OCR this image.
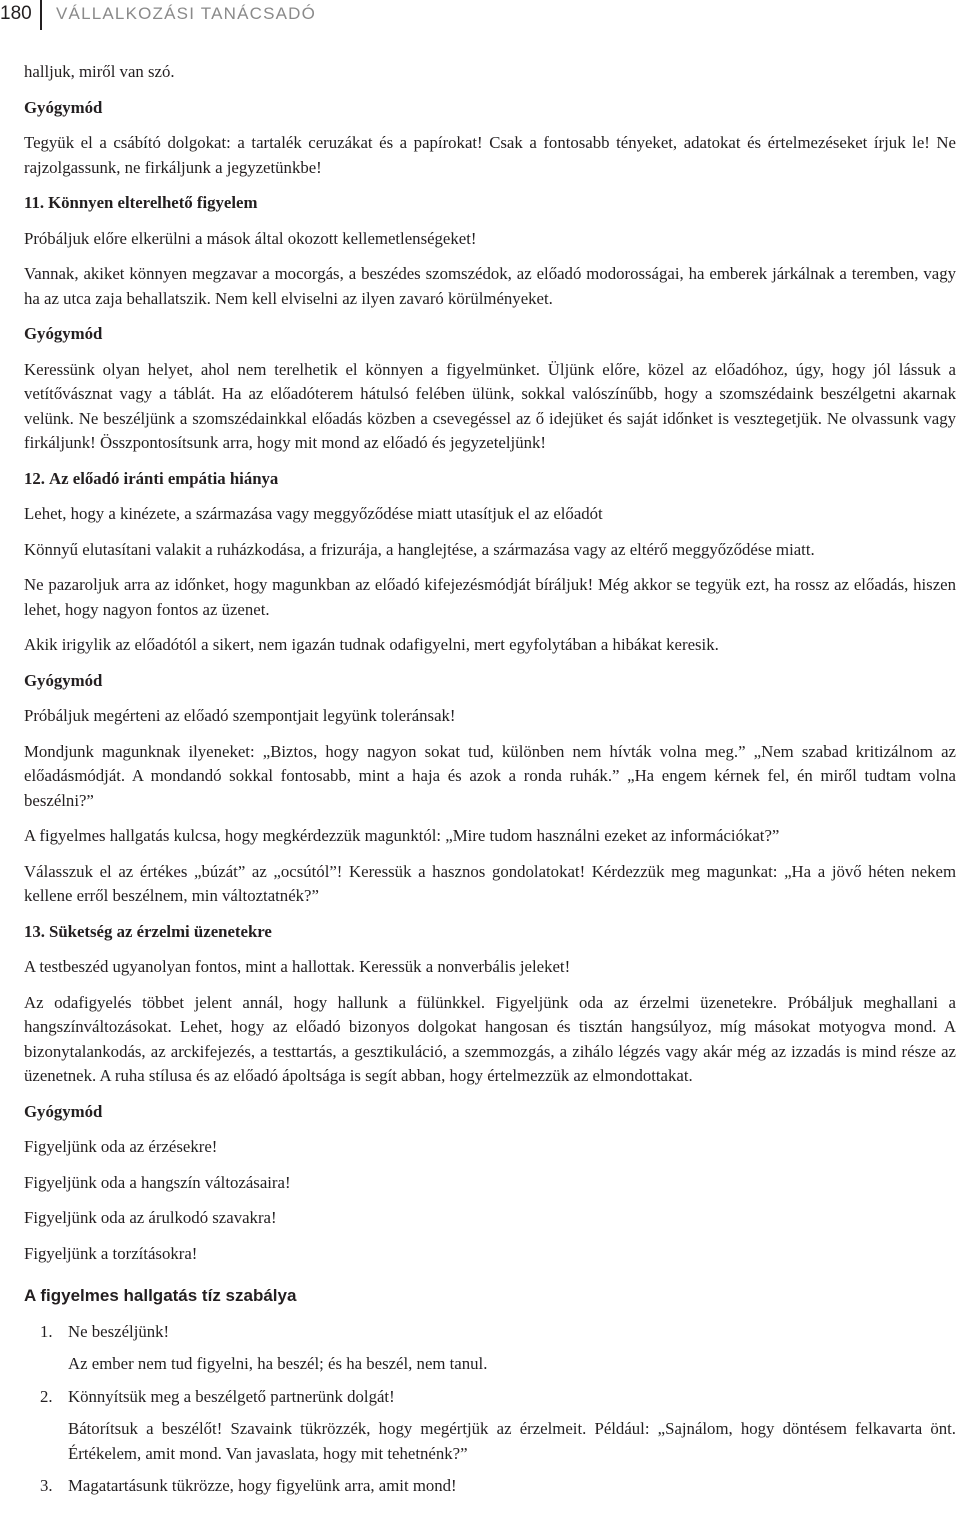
180 VÁLLALKOZÁSI TANÁCSADÓ

halljuk, miről van szó.

Gyógymód

Tegyük el a csábító dolgokat: a tartalék ceruzákat és a papírokat! Csak a fontosabb tényeket, adatokat és értelmezéseket írjuk le! Ne rajzolgassunk, ne firkáljunk a jegyzetünkbe!

11. Könnyen elterelhető figyelem

Próbáljuk előre elkerülni a mások által okozott kellemetlenségeket!

Vannak, akiket könnyen megzavar a mocorgás, a beszédes szomszédok, az előadó modorosságai, ha emberek járkálnak a teremben, vagy ha az utca zaja behallatszik. Nem kell elviselni az ilyen zavaró körülményeket.

Gyógymód

Keressünk olyan helyet, ahol nem terelhetik el könnyen a figyelmünket. Üljünk előre, közel az előadóhoz, úgy, hogy jól lássuk a vetítővásznat vagy a táblát. Ha az előadóterem hátulsó felében ülünk, sokkal valószínűbb, hogy a szomszédaink beszélgetni akarnak velünk. Ne beszéljünk a szomszédainkkal előadás közben a csevegéssel az ő idejüket és saját időnket is vesztegetjük. Ne olvassunk vagy firkáljunk! Összpontosítsunk arra, hogy mit mond az előadó és jegyzeteljünk!

12. Az előadó iránti empátia hiánya

Lehet, hogy a kinézete, a származása vagy meggyőződése miatt utasítjuk el az előadót

Könnyű elutasítani valakit a ruházkodása, a frizurája, a hanglejtése, a származása vagy az eltérő meggyőződése miatt.

Ne pazaroljuk arra az időnket, hogy magunkban az előadó kifejezésmódját bíráljuk! Még akkor se tegyük ezt, ha rossz az előadás, hiszen lehet, hogy nagyon fontos az üzenet.

Akik irigylik az előadótól a sikert, nem igazán tudnak odafigyelni, mert egyfolytában a hibákat keresik.

Gyógymód

Próbáljuk megérteni az előadó szempontjait legyünk toleránsak!

Mondjunk magunknak ilyeneket: „Biztos, hogy nagyon sokat tud, különben nem hívták volna meg.” „Nem szabad kritizálnom az előadásmódját. A mondandó sokkal fontosabb, mint a haja és azok a ronda ruhák.” „Ha engem kérnek fel, én miről tudtam volna beszélni?”

A figyelmes hallgatás kulcsa, hogy megkérdezzük magunktól: „Mire tudom használni ezeket az információkat?”

Válasszuk el az értékes „búzát” az „ocsútól”! Keressük a hasznos gondolatokat! Kérdezzük meg magunkat: „Ha a jövő héten nekem kellene erről beszélnem, min változtatnék?”

13. Süketség az érzelmi üzenetekre

A testbeszéd ugyanolyan fontos, mint a hallottak. Keressük a nonverbális jeleket!

Az odafigyelés többet jelent annál, hogy hallunk a fülünkkel. Figyeljünk oda az érzelmi üzenetekre. Próbáljuk meghallani a hangszínváltozásokat. Lehet, hogy az előadó bizonyos dolgokat hangosan és tisztán hangsúlyoz, míg másokat motyogva mond. A bizonytalankodás, az arckifejezés, a testtartás, a gesztikuláció, a szemmozgás, a zihálo légzés vagy akár még az izzadás is mind része az üzenetnek. A ruha stílusa és az előadó ápoltsága is segít abban, hogy értelmezzük az elmondottakat.

Gyógymód

Figyeljünk oda az érzésekre!

Figyeljünk oda a hangszín változásaira!

Figyeljünk oda az árulkodó szavakra!

Figyeljünk a torzításokra!

A figyelmes hallgatás tíz szabálya
1. Ne beszéljünk!
Az ember nem tud figyelni, ha beszél; és ha beszél, nem tanul.
2. Könnyítsük meg a beszélgető partnerünk dolgát!
Bátorítsuk a beszélőt! Szavaink tükrözzék, hogy megértjük az érzelmeit. Például: „Sajnálom, hogy döntésem felkavarta önt. Értékelem, amit mond. Van javaslata, hogy mit tehetnénk?”
3. Magatartásunk tükrözze, hogy figyelünk arra, amit mond!
